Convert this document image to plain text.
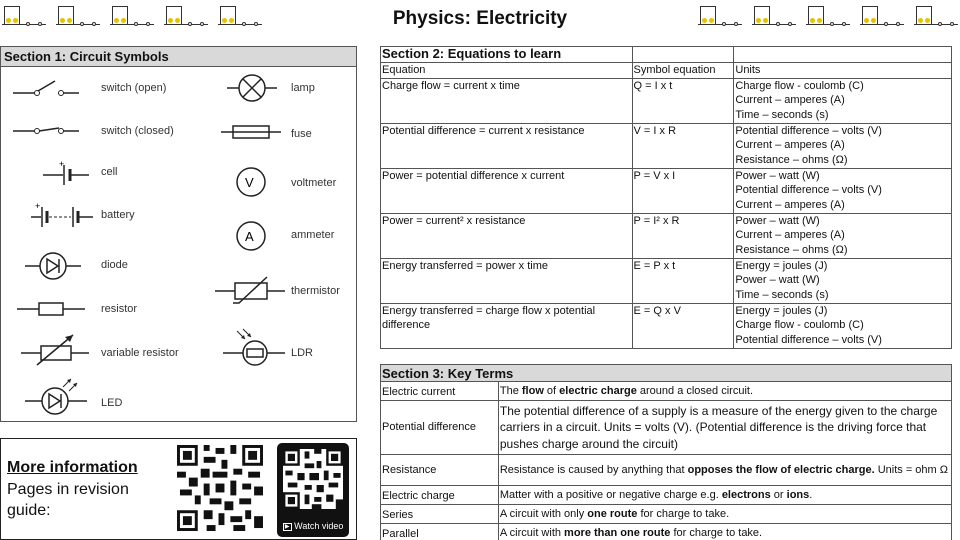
Physics: Electricity
Section 1: Circuit Symbols
switch (open)
switch (closed)
+
cell
+
battery
diode
resistor
variable resistor
LED
lamp
fuse
V	voltmeter
A	ammeter
thermistor
LDR
More information
Pages in revision guide:
▶ Watch video
Section 2: Equations to learn		
Equation	Symbol equation	Units
Charge flow = current x time	Q = I x t	Charge flow - coulomb (C)
Current – amperes (A)
Time – seconds (s)

Potential difference = current x resistance	V = I x R	Potential difference – volts (V)
Current – amperes (A)
Resistance – ohms (Ω)

Power = potential difference x current	P = V x I	Power – watt (W)
Potential difference – volts (V)
Current – amperes (A)

Power = current² x resistance	P = I² x R	Power – watt (W)
Current – amperes (A)
Resistance – ohms (Ω)

Energy transferred = power x time	E = P x t	Energy = joules (J)
Power – watt (W)
Time – seconds (s)

Energy transferred = charge flow x potential difference	E = Q x V	Energy = joules (J)
Charge flow - coulomb (C)
Potential difference – volts (V)
Section 3: Key Terms
Electric current	The flow of electric charge around a closed circuit.
Potential difference	The potential difference of a supply is a measure of the energy given to the charge carriers in a circuit. Units = volts (V). (Potential difference is the driving force that pushes charge around the circuit)
Resistance	Resistance is caused by anything that opposes the flow of electric charge. Units = ohm Ω
Electric charge	Matter with a positive or negative charge e.g. electrons or ions.
Series	A circuit with only one route for charge to take.
Parallel	A circuit with more than one route for charge to take.
